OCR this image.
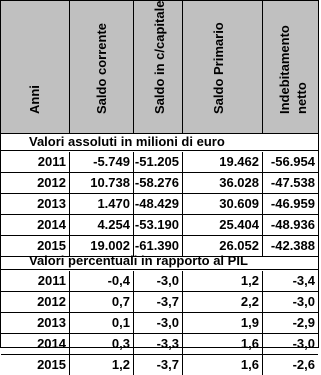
Anni	Saldo corrente	Saldo in c/capitale	Saldo Primario	Indebitamento netto
Valori assoluti in milioni di euro
2011	-5.749 -51.205	19.462 -56.954
2012	10.738 -58.276	36.028 -47.538
2013	1.470 -48.429	30.609 -46.959
2014	4.254 -53.190	25.404 -48.936
2015	19.002 -61.390	26.052 -42.388
Valori percentuali in rapporto al PIL
2011	-0,4	-3,0	1,2	-3,4
2012	0,7	-3,7	2,2	-3,0
2013	0,1	-3,0	1,9	-2,9
2014	0,3	-3,3	1,6	-3,0
2015	1,2	-3,7	1,6	-2,6
